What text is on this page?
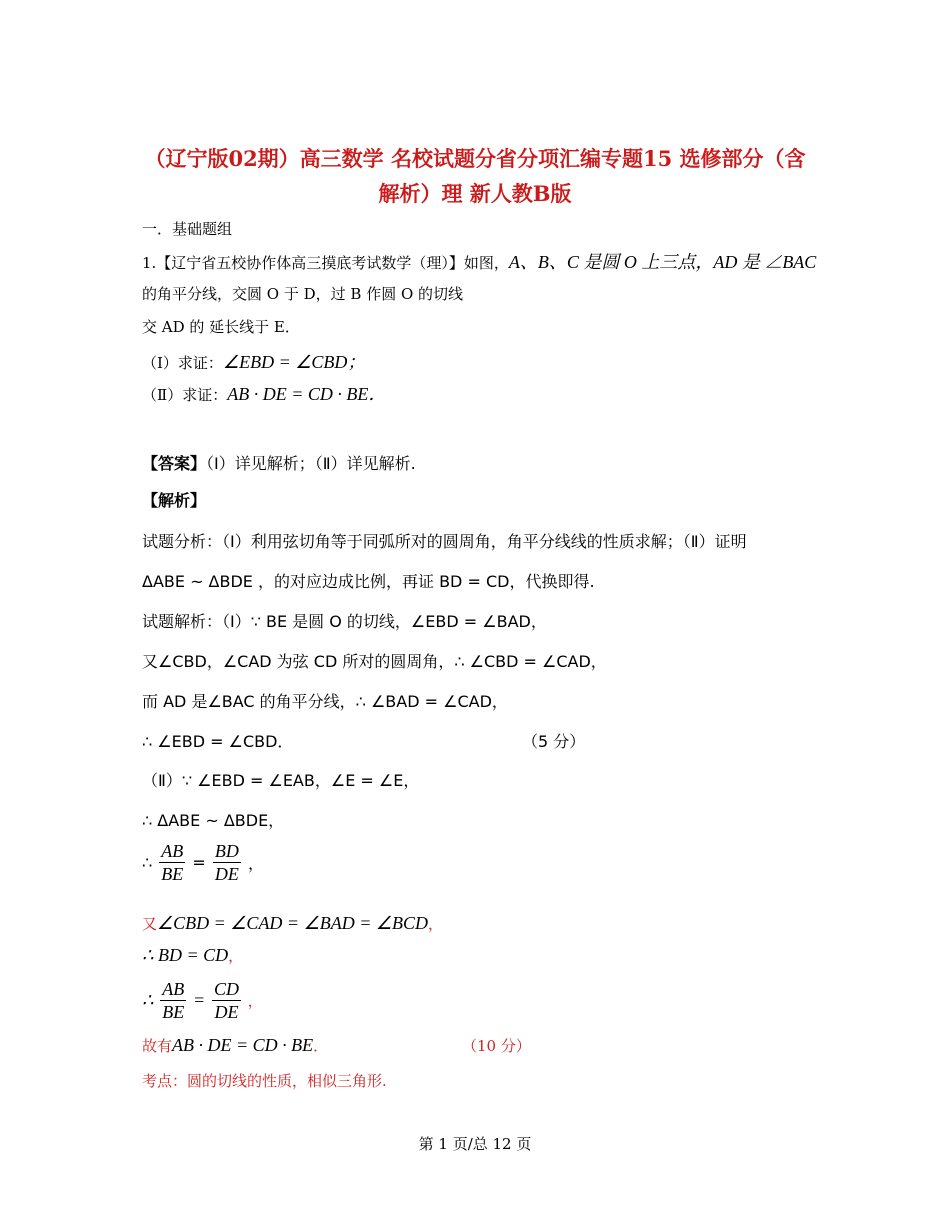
（辽宁版02期）高三数学 名校试题分省分项汇编专题15 选修部分（含
解析）理 新人教B版
一．基础题组
1.【辽宁省五校协作体高三摸底考试数学（理）】如图，A、B、C 是圆 O 上三点，AD 是 ∠BAC
的角平分线，交圆 O 于 D，过 B 作圆 O 的切线
交 AD 的 延长线于 E．
（Ⅰ）求证：∠EBD = ∠CBD；
（Ⅱ）求证：AB · DE = CD · BE．
【答案】（Ⅰ）详见解析；（Ⅱ）详见解析.
【解析】
试题分析：（Ⅰ）利用弦切角等于同弧所对的圆周角，角平分线线的性质求解；（Ⅱ）证明
ΔABE ~ ΔBDE ，的对应边成比例，再证 BD = CD，代换即得.
试题解析：（Ⅰ）∵ BE 是圆 O 的切线，∠EBD = ∠BAD，
又∠CBD，∠CAD 为弦 CD 所对的圆周角，∴ ∠CBD = ∠CAD，
而 AD 是∠BAC 的角平分线，∴ ∠BAD = ∠CAD，
∴ ∠EBD = ∠CBD．	（5 分）
（Ⅱ）∵ ∠EBD = ∠EAB，∠E = ∠E，
∴ ΔABE ~ ΔBDE，
∴ $\frac{AB}{BE} = \frac{BD}{DE}$ ，
又∠CBD = ∠CAD = ∠BAD = ∠BCD，
∴ BD = CD，
∴ $\frac{AB}{BE} = \frac{CD}{DE}$ ，
故有AB · DE = CD · BE．	（10 分）
考点：圆的切线的性质，相似三角形.
第 1 页/总 12 页
